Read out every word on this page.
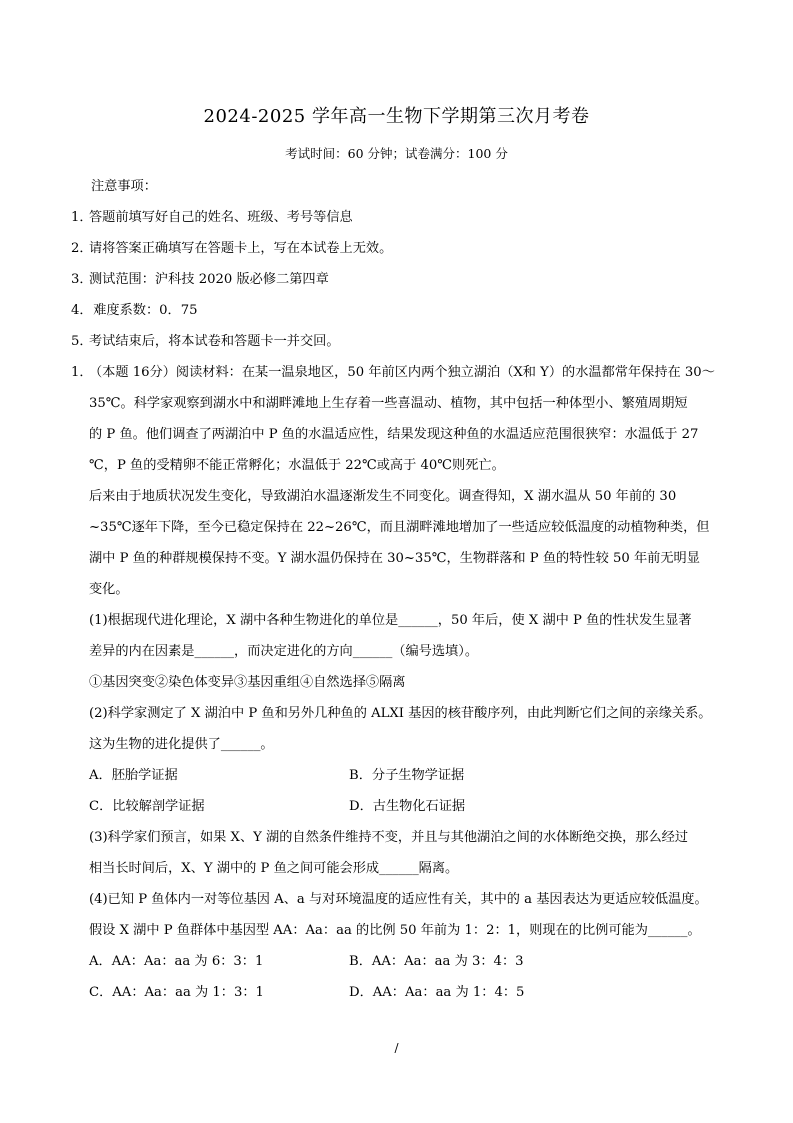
2024-2025 学年高一生物下学期第三次月考卷
考试时间：60 分钟；试卷满分：100 分

注意事项：

1．答题前填写好自己的姓名、班级、考号等信息

2．请将答案正确填写在答题卡上，写在本试卷上无效。

3．测试范围：沪科技 2020 版必修二第四章

4． 难度系数：0．75

5．考试结束后，将本试卷和答题卡一并交回。

1．（本题 16分）阅读材料：在某一温泉地区，50 年前区内两个独立湖泊（X和 Y）的水温都常年保持在 30～

35℃。科学家观察到湖水中和湖畔滩地上生存着一些喜温动、植物，其中包括一种体型小、繁殖周期短

的 P 鱼。他们调查了两湖泊中 P 鱼的水温适应性，结果发现这种鱼的水温适应范围很狭窄：水温低于 27

℃，P 鱼的受精卵不能正常孵化；水温低于 22℃或高于 40℃则死亡。

后来由于地质状况发生变化，导致湖泊水温逐渐发生不同变化。调查得知，X 湖水温从 50 年前的 30

~35℃逐年下降，至今已稳定保持在 22~26℃，而且湖畔滩地增加了一些适应较低温度的动植物种类，但

湖中 P 鱼的种群规模保持不变。Y 湖水温仍保持在 30~35℃，生物群落和 P 鱼的特性较 50 年前无明显

变化。

(1)根据现代进化理论，X 湖中各种生物进化的单位是______，50 年后，使 X 湖中 P 鱼的性状发生显著

差异的内在因素是______，而决定进化的方向______（编号选填）。

①基因突变②染色体变异③基因重组④自然选择⑤隔离

(2)科学家测定了 X 湖泊中 P 鱼和另外几种鱼的 ALXI 基因的核苷酸序列，由此判断它们之间的亲缘关系。

这为生物的进化提供了______。

A．胚胎学证据	B．分子生物学证据
C．比较解剖学证据	D．古生物化石证据

(3)科学家们预言，如果 X、Y 湖的自然条件维持不变，并且与其他湖泊之间的水体断绝交换，那么经过

相当长时间后，X、Y 湖中的 P 鱼之间可能会形成______隔离。

(4)已知 P 鱼体内一对等位基因 A、a 与对环境温度的适应性有关，其中的 a 基因表达为更适应较低温度。

假设 X 湖中 P 鱼群体中基因型 AA：Aa：aa 的比例 50 年前为 1：2：1，则现在的比例可能为______。

A．AA：Aa：aa 为 6：3：1	B．AA：Aa：aa 为 3：4：3
C．AA：Aa：aa 为 1：3：1	D．AA：Aa：aa 为 1：4：5
/
